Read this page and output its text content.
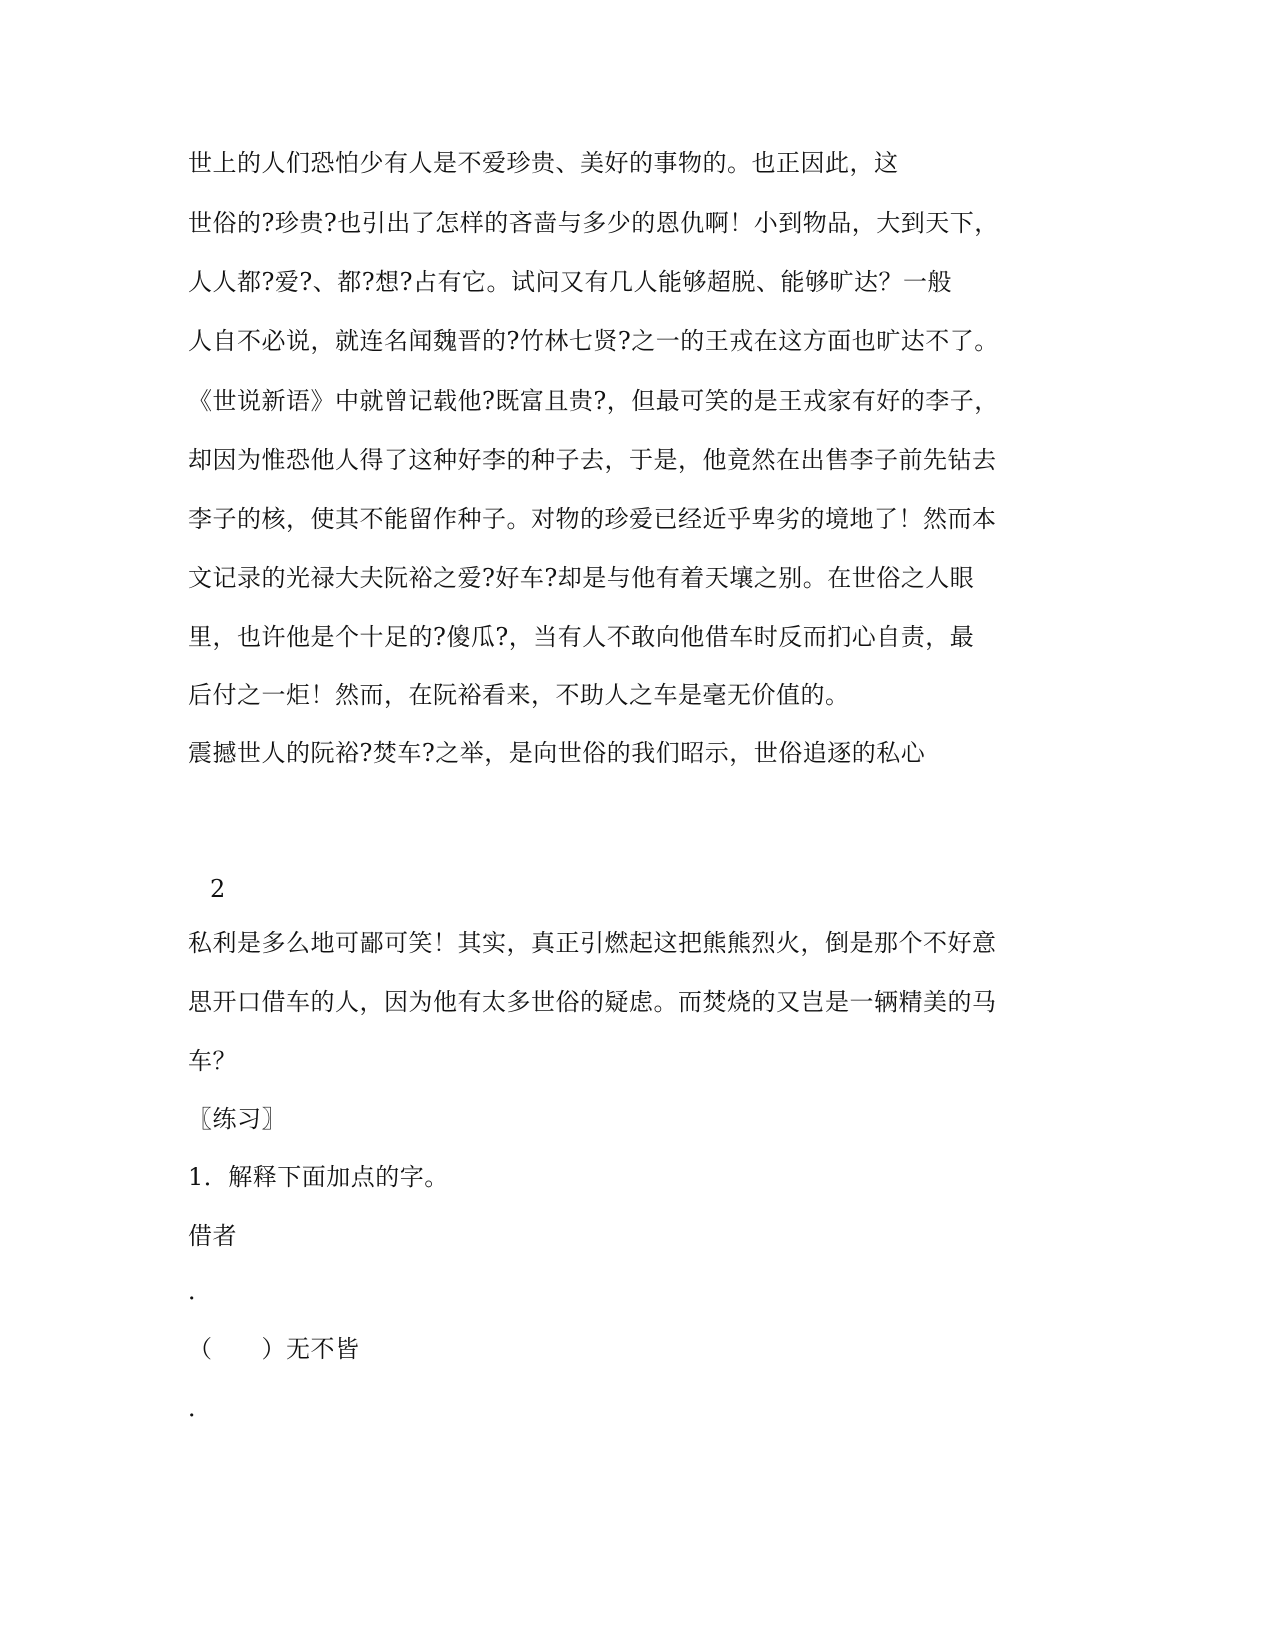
世上的人们恐怕少有人是不爱珍贵、美好的事物的。也正因此，这
世俗的?珍贵?也引出了怎样的吝啬与多少的恩仇啊！小到物品，大到天下，
人人都?爱?、都?想?占有它。试问又有几人能够超脱、能够旷达？一般
人自不必说，就连名闻魏晋的?竹林七贤?之一的王戎在这方面也旷达不了。
《世说新语》中就曾记载他?既富且贵?，但最可笑的是王戎家有好的李子，
却因为惟恐他人得了这种好李的种子去，于是，他竟然在出售李子前先钻去
李子的核，使其不能留作种子。对物的珍爱已经近乎卑劣的境地了！然而本
文记录的光禄大夫阮裕之爱?好车?却是与他有着天壤之别。在世俗之人眼
里，也许他是个十足的?傻瓜?，当有人不敢向他借车时反而扪心自责，最
后付之一炬！然而，在阮裕看来，不助人之车是毫无价值的。
震撼世人的阮裕?焚车?之举，是向世俗的我们昭示，世俗追逐的私心
2
私利是多么地可鄙可笑！其实，真正引燃起这把熊熊烈火，倒是那个不好意
思开口借车的人，因为他有太多世俗的疑虑。而焚烧的又岂是一辆精美的马
车？
〖练习〗
1．解释下面加点的字。
借者
．
（　　）无不皆
．
